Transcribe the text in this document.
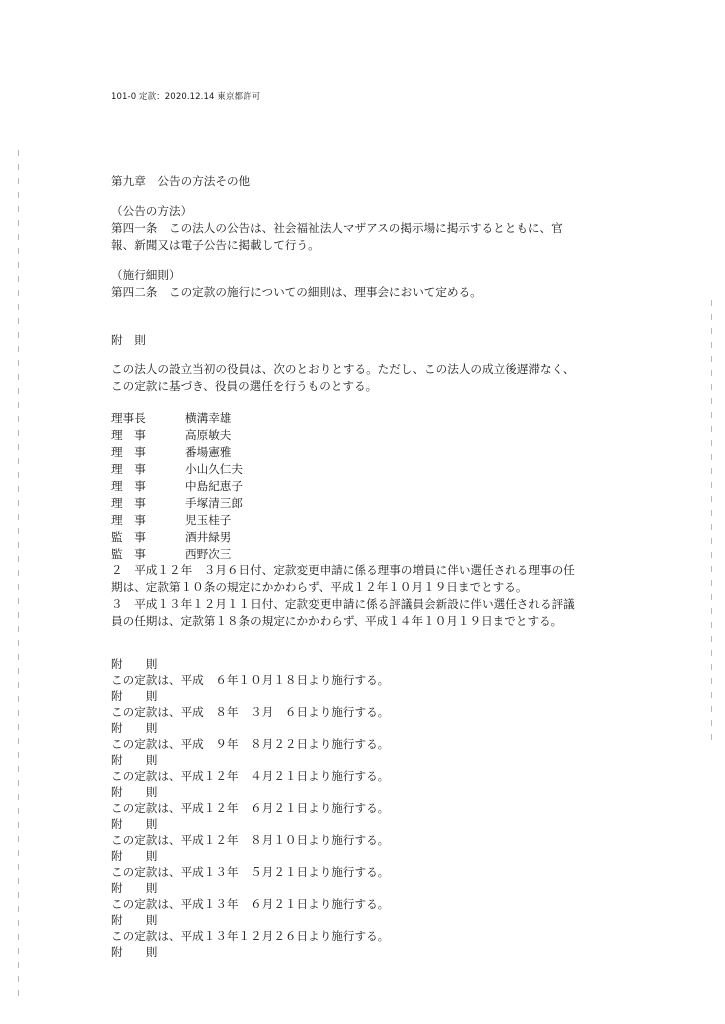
101-0 定款：2020.12.14 東京都許可

第九章　公告の方法その他

（公告の方法）

第四一条　この法人の公告は、社会福祉法人マザアスの掲示場に掲示するとともに、官

報、新聞又は電子公告に掲載して行う。

（施行細則）

第四二条　この定款の施行についての細則は、理事会において定める。

附　則

この法人の設立当初の役員は、次のとおりとする。ただし、この法人の成立後遅滞なく、

この定款に基づき、役員の選任を行うものとする。

理事長	横溝幸雄
理　事	高原敏夫
理　事	番場憲雅
理　事	小山久仁夫
理　事	中島紀恵子
理　事	手塚清三郎
理　事	児玉桂子
監　事	酒井緑男
監　事	西野次三

２　平成１２年　３月６日付、定款変更申請に係る理事の増員に伴い選任される理事の任

期は、定款第１０条の規定にかかわらず、平成１２年１０月１９日までとする。

３　平成１３年１２月１１日付、定款変更申請に係る評議員会新設に伴い選任される評議

員の任期は、定款第１８条の規定にかかわらず、平成１４年１０月１９日までとする。

附　　則

この定款は、平成　６年１０月１８日より施行する。

附　　則

この定款は、平成　８年　３月　６日より施行する。

附　　則

この定款は、平成　９年　８月２２日より施行する。

附　　則

この定款は、平成１２年　４月２１日より施行する。

附　　則

この定款は、平成１２年　６月２１日より施行する。

附　　則

この定款は、平成１２年　８月１０日より施行する。

附　　則

この定款は、平成１３年　５月２１日より施行する。

附　　則

この定款は、平成１３年　６月２１日より施行する。

附　　則

この定款は、平成１３年１２月２６日より施行する。

附　　則
